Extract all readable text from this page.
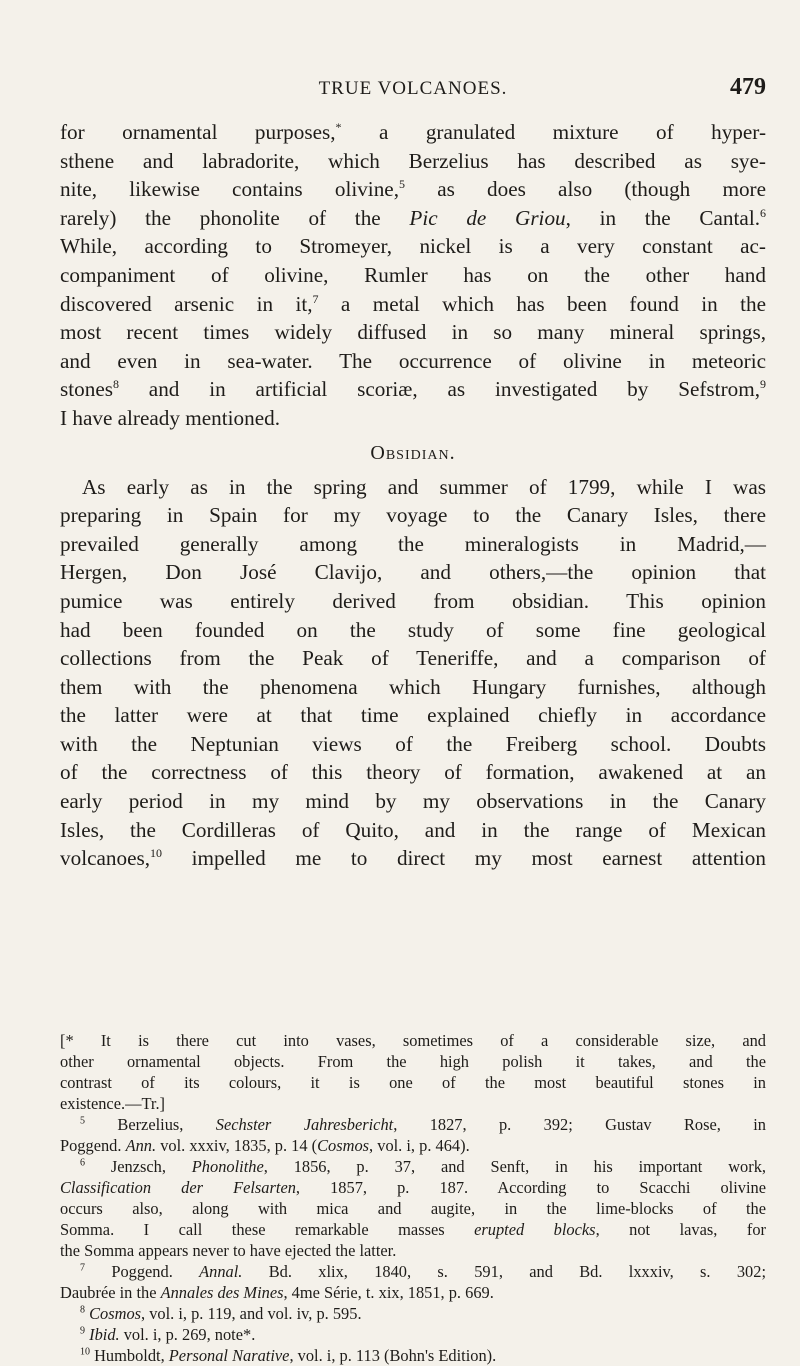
TRUE VOLCANOES.	479
for ornamental purposes,* a granulated mixture of hyper-
sthene and labradorite, which Berzelius has described as sye-
nite, likewise contains olivine,$^5$ as does also (though more
rarely) the phonolite of the Pic de Griou, in the Cantal.$^6$
While, according to Stromeyer, nickel is a very constant ac-
companiment of olivine, Rumler has on the other hand
discovered arsenic in it,$^7$ a metal which has been found in the
most recent times widely diffused in so many mineral springs,
and even in sea-water. The occurrence of olivine in meteoric
stones$^8$ and in artificial scoriæ, as investigated by Sefstrom,$^9$
I have already mentioned.
Obsidian.
As early as in the spring and summer of 1799, while I was
preparing in Spain for my voyage to the Canary Isles, there
prevailed generally among the mineralogists in Madrid,—
Hergen, Don José Clavijo, and others,—the opinion that
pumice was entirely derived from obsidian. This opinion
had been founded on the study of some fine geological
collections from the Peak of Teneriffe, and a comparison of
them with the phenomena which Hungary furnishes, although
the latter were at that time explained chiefly in accordance
with the Neptunian views of the Freiberg school. Doubts
of the correctness of this theory of formation, awakened at an
early period in my mind by my observations in the Canary
Isles, the Cordilleras of Quito, and in the range of Mexican
volcanoes,$^{10}$ impelled me to direct my most earnest attention
[* It is there cut into vases, sometimes of a considerable size, and
other ornamental objects. From the high polish it takes, and the
contrast of its colours, it is one of the most beautiful stones in
existence.—Tr.]
$^5$ Berzelius, Sechster Jahresbericht, 1827, p. 392; Gustav Rose, in
Poggend. Ann. vol. xxxiv, 1835, p. 14 (Cosmos, vol. i, p. 464).
$^6$ Jenzsch, Phonolithe, 1856, p. 37, and Senft, in his important work,
Classification der Felsarten, 1857, p. 187. According to Scacchi olivine
occurs also, along with mica and augite, in the lime-blocks of the
Somma. I call these remarkable masses erupted blocks, not lavas, for
the Somma appears never to have ejected the latter.
$^7$ Poggend. Annal. Bd. xlix, 1840, s. 591, and Bd. lxxxiv, s. 302;
Daubrée in the Annales des Mines, 4me Série, t. xix, 1851, p. 669.
$^8$ Cosmos, vol. i, p. 119, and vol. iv, p. 595.
$^9$ Ibid. vol. i, p. 269, note*.
$^{10}$ Humboldt, Personal Narative, vol. i, p. 113 (Bohn's Edition).
